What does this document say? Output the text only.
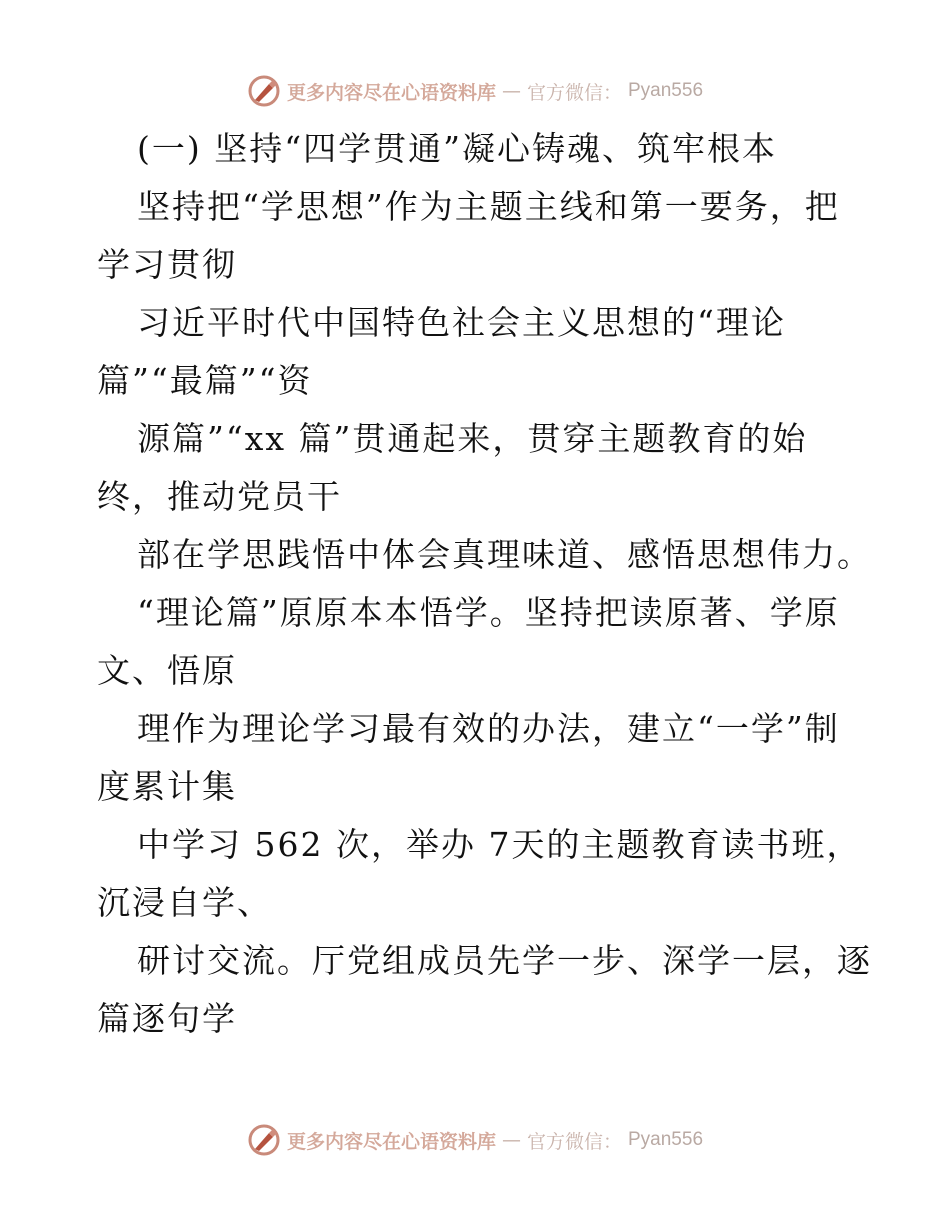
更多内容尽在心语资料库 — 官方微信： Pyan556
(一) 坚持“四学贯通”凝心铸魂、筑牢根本
坚持把“学思想”作为主题主线和第一要务，把
学习贯彻
习近平时代中国特色社会主义思想的“理论
篇”“最篇”“资
源篇”“xx 篇”贯通起来，贯穿主题教育的始
终，推动党员干
部在学思践悟中体会真理味道、感悟思想伟力。
“理论篇”原原本本悟学。坚持把读原著、学原
文、悟原
理作为理论学习最有效的办法，建立“一学”制
度累计集
中学习 562 次，举办 7天的主题教育读书班，
沉浸自学、
研讨交流。厅党组成员先学一步、深学一层，逐
篇逐句学
更多内容尽在心语资料库 — 官方微信： Pyan556
